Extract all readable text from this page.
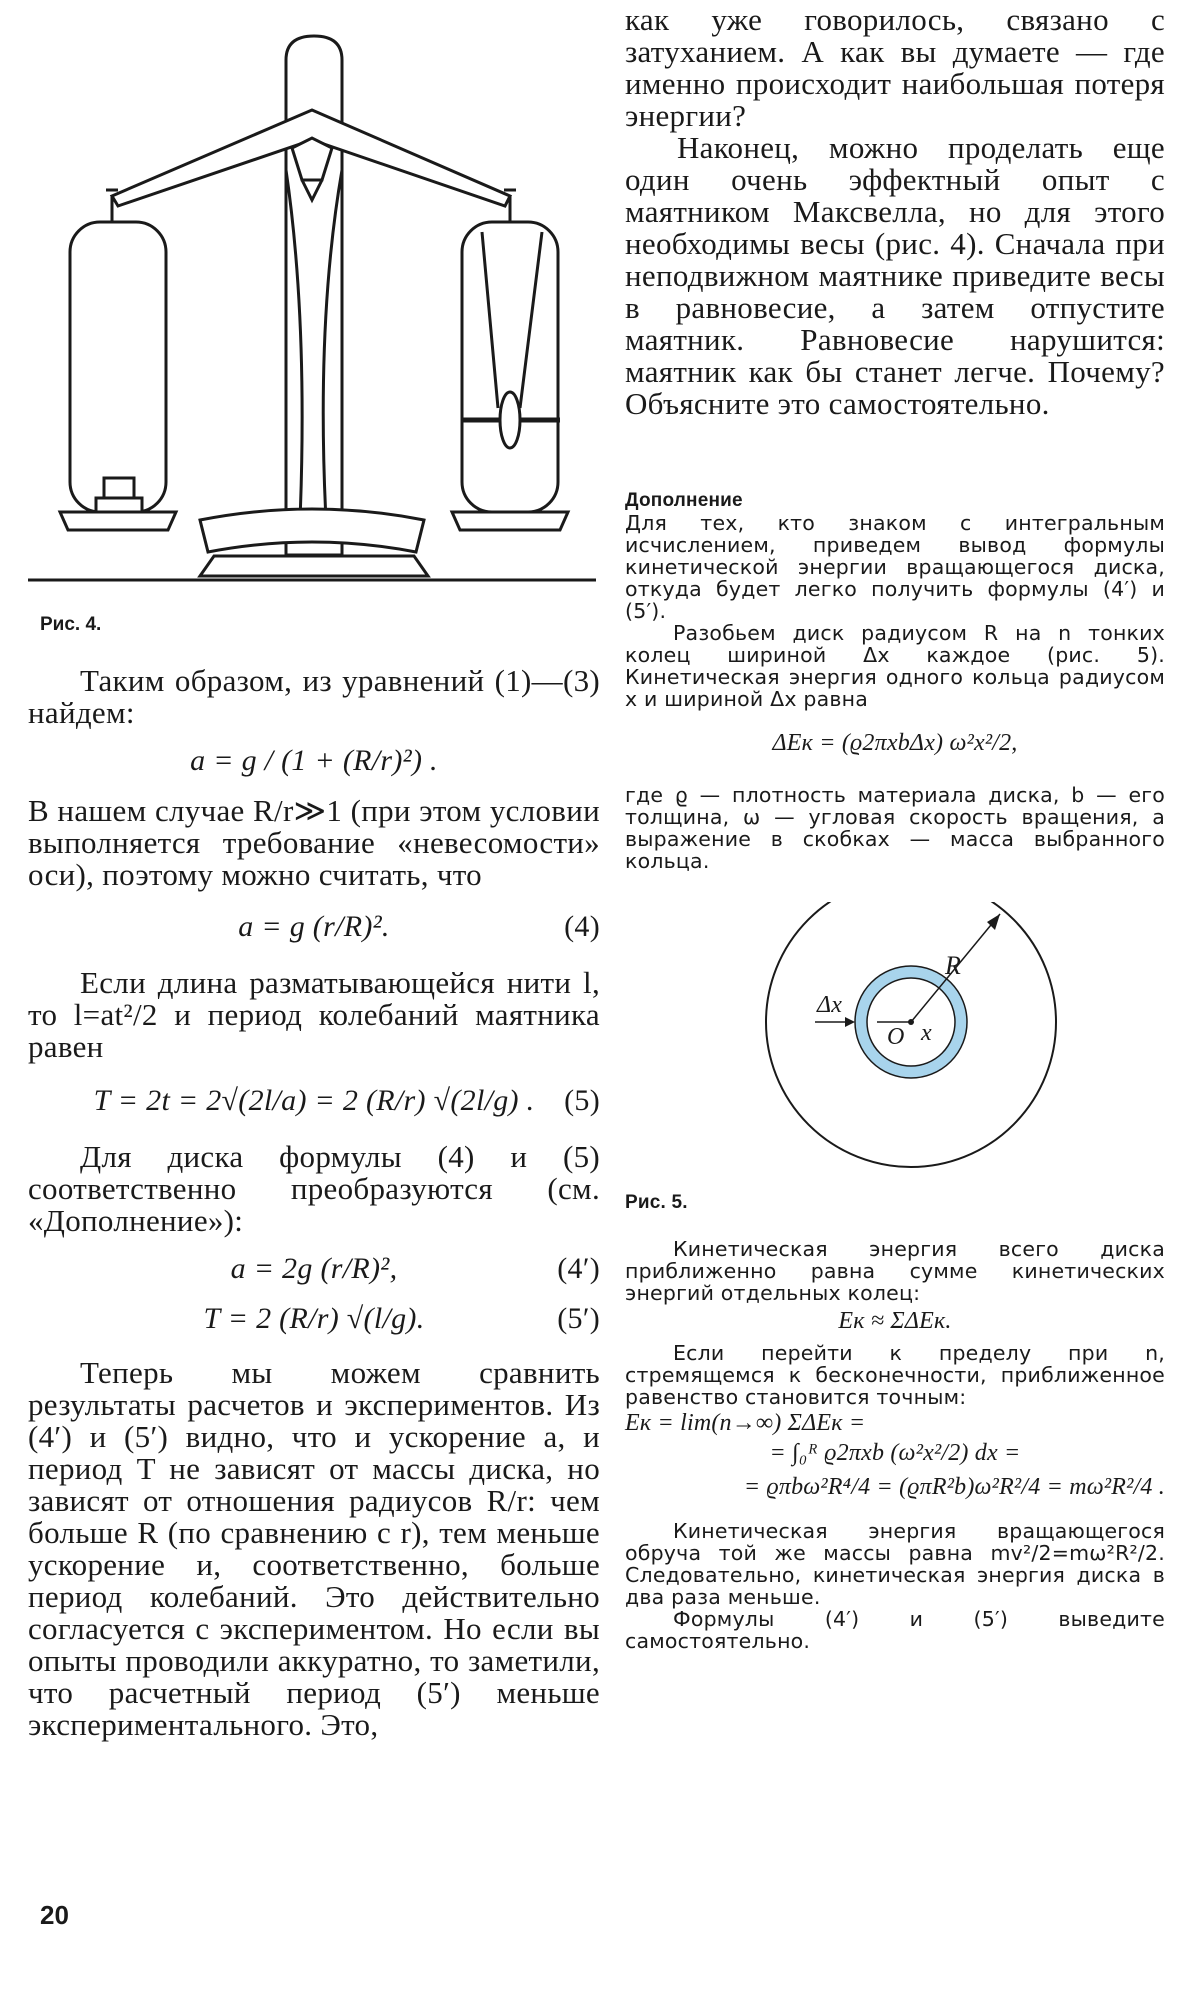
Рис. 4.

Таким образом, из уравнений (1)—(3) найдем:

a = g / (1 + (R/r)²) .

В нашем случае R/r≫1 (при этом условии выполняется требование «невесомости» оси), поэтому можно считать, что

a = g (r/R)².	(4)

Если длина разматывающейся нити l, то l=at²/2 и период колебаний маятника равен

T = 2t = 2√(2l/a) = 2 (R/r) √(2l/g) . (5)

Для диска формулы (4) и (5) соответственно преобразуются (см. «Дополнение»):

a = 2g (r/R)²,	(4′)
T = 2 (R/r) √(l/g).	(5′)

Теперь мы можем сравнить результаты расчетов и экспериментов. Из (4′) и (5′) видно, что и ускорение a, и период T не зависят от массы диска, но зависят от отношения радиусов R/r: чем больше R (по сравнению с r), тем меньше ускорение и, соответственно, больше период колебаний. Это действительно согласуется с экспериментом. Но если вы опыты проводили аккуратно, то заметили, что расчетный период (5′) меньше экспериментального. Это,

20

как уже говорилось, связано с затуханием. А как вы думаете — где именно происходит наибольшая потеря энергии?

Наконец, можно проделать еще один очень эффектный опыт с маятником Максвелла, но для этого необходимы весы (рис. 4). Сначала при неподвижном маятнике приведите весы в равновесие, а затем отпустите маятник. Равновесие нарушится: маятник как бы станет легче. Почему? Объясните это самостоятельно.

Дополнение

Для тех, кто знаком с интегральным исчислением, приведем вывод формулы кинетической энергии вращающегося диска, откуда будет легко получить формулы (4′) и (5′).

Разобьем диск радиусом R на n тонких колец шириной Δx каждое (рис. 5). Кинетическая энергия одного кольца радиусом x и шириной Δx равна

ΔEк = (ϱ2πxbΔx) ω²x²/2,

где ϱ — плотность материала диска, b — его толщина, ω — угловая скорость вращения, а выражение в скобках — масса выбранного кольца.

R
Δx
O x
Рис. 5.

Кинетическая энергия всего диска приближенно равна сумме кинетических энергий отдельных колец:

Eк ≈ ΣΔEк.

Если перейти к пределу при n, стремящемся к бесконечности, приближенное равенство становится точным:

Eк = lim(n→∞) ΣΔEк =
= ∫₀ᴿ ϱ2πxb (ω²x²/2) dx =
= ϱπbω²R⁴/4 = (ϱπR²b)ω²R²/4 = mω²R²/4 .

Кинетическая энергия вращающегося обруча той же массы равна mv²/2=mω²R²/2. Следовательно, кинетическая энергия диска в два раза меньше.

Формулы (4′) и (5′) выведите самостоятельно.
